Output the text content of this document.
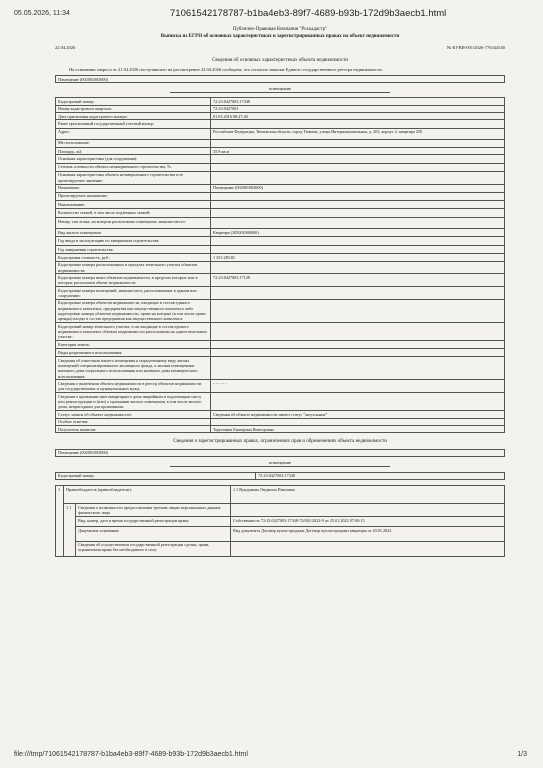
05.05.2026, 11:34	71061542178787-b1ba4eb3-89f7-4689-b93b-172d9b3aecb1.html
Публично-Правовая Компания "Роскадастр"
Выписка из ЕГРН об основных характеристиках и зарегистрированных правах на объект недвижимости
22.04.2026	№ КУВИ-001/2026-776344540
Сведения об основных характеристиках объекта недвижимости
На основании запроса от 21.04.2026 поступившего на рассмотрение 22.04.2026 сообщаем, что согласно записям Единого государственного реестра недвижимости:
Помещение (002001003000)
помещение
Кадастровый номер:	72:23:0427003:17348
Номер кадастрового квартала:	72:23:0427003
Дата присвоения кадастрового номера:	01.03.2016 08:27:40
Ранее присвоенный государственный учетный номер:	
Адрес:	Российская Федерация, Тюменская область, город Тюмень, улица Интернациональная, д. 203, корпус 2, квартира 250
Местоположение:	
Площадь, м2:	35.9 кв.м
Основная характеристика (для сооружения):	
Степень готовности объекта незавершенного строительства, %:	
Основная характеристика объекта незавершенного строительства и ее проектируемое значение:	
Назначение:	Помещение (002001003000)
Проектируемое назначение:	
Наименование:	
Количество этажей, в том числе подземных этажей:	
Номер, тип этажа, на котором расположено помещение, машино-место:	
Вид жилого помещения:	Квартира (205001000000)
Год ввода в эксплуатацию по завершении строительства:	
Год завершения строительства:	
Кадастровая стоимость, руб.:	1 253 283.81
Кадастровые номера расположенных в пределах земельного участка объектов недвижимости:	
Кадастровые номера иных объектов недвижимости, в пределах которых или в которых расположен объект недвижимости:	72:23:0427003:17128
Кадастровые номера помещений, машино-мест, расположенных в здании или сооружении:	
Кадастровые номера объектов недвижимости, входящих в состав единого недвижимого комплекса, предприятия как имущественного комплекса либо кадастровые номера объектов недвижимости, права на которые (в том числе право аренды) входят в состав предприятия как имущественного комплекса:	
Кадастровый номер земельного участка, если входящие в состав единого недвижимого комплекса объекты недвижимости расположены на одном земельном участке:	
Категория земель:	
Виды разрешенного использования:	
Сведения об отнесении жилого помещения к определенному виду жилых помещений специализированного жилищного фонда, к жилым помещениям наемного дома социального использования или наемного дома коммерческого использования:	
Сведения о включении объекта недвижимости в реестр объектов недвижимости для государственных и муниципальных нужд:	- - - - - -
Сведения о признании многоквартирного дома аварийным и подлежащим сносу или реконструкции и (или) о признании жилого помещения, в том числе жилого дома, непригодным для проживания:	
Статус записи об объекте недвижимости:	Сведения об объекте недвижимости имеют статус "актуальные"
Особые отметки:	
Получатель выписки:	Торопчина Екатерина Викторовна
Сведения о зарегистрированных правах, ограничениях прав и обременениях объекта недвижимости
Помещение (002001003000)
помещение
Кадастровый номер:	72:23:0427003:17348
1	Правообладатель (правообладатели):		1.1 Вундинова Людмила Павловна
	1.1	Сведения о возможности предоставления третьим лицам персональных данных физического лица	
		Вид, номер, дата и время государственной регистрации права:	Собственность 72:23:0427003:17348-72/041/2022-9 от 25.01.2022 07:00:13
		Документы-основания:	Вид документа Договор купли-продажи Договор купли-продажи квартиры от 20.01.2022
		Сведения об осуществлении государственной регистрации сделки, права, ограничения права без необходимого в силу	
file:///tmp/71061542178787-b1ba4eb3-89f7-4689-b93b-172d9b3aecb1.html	1/3
